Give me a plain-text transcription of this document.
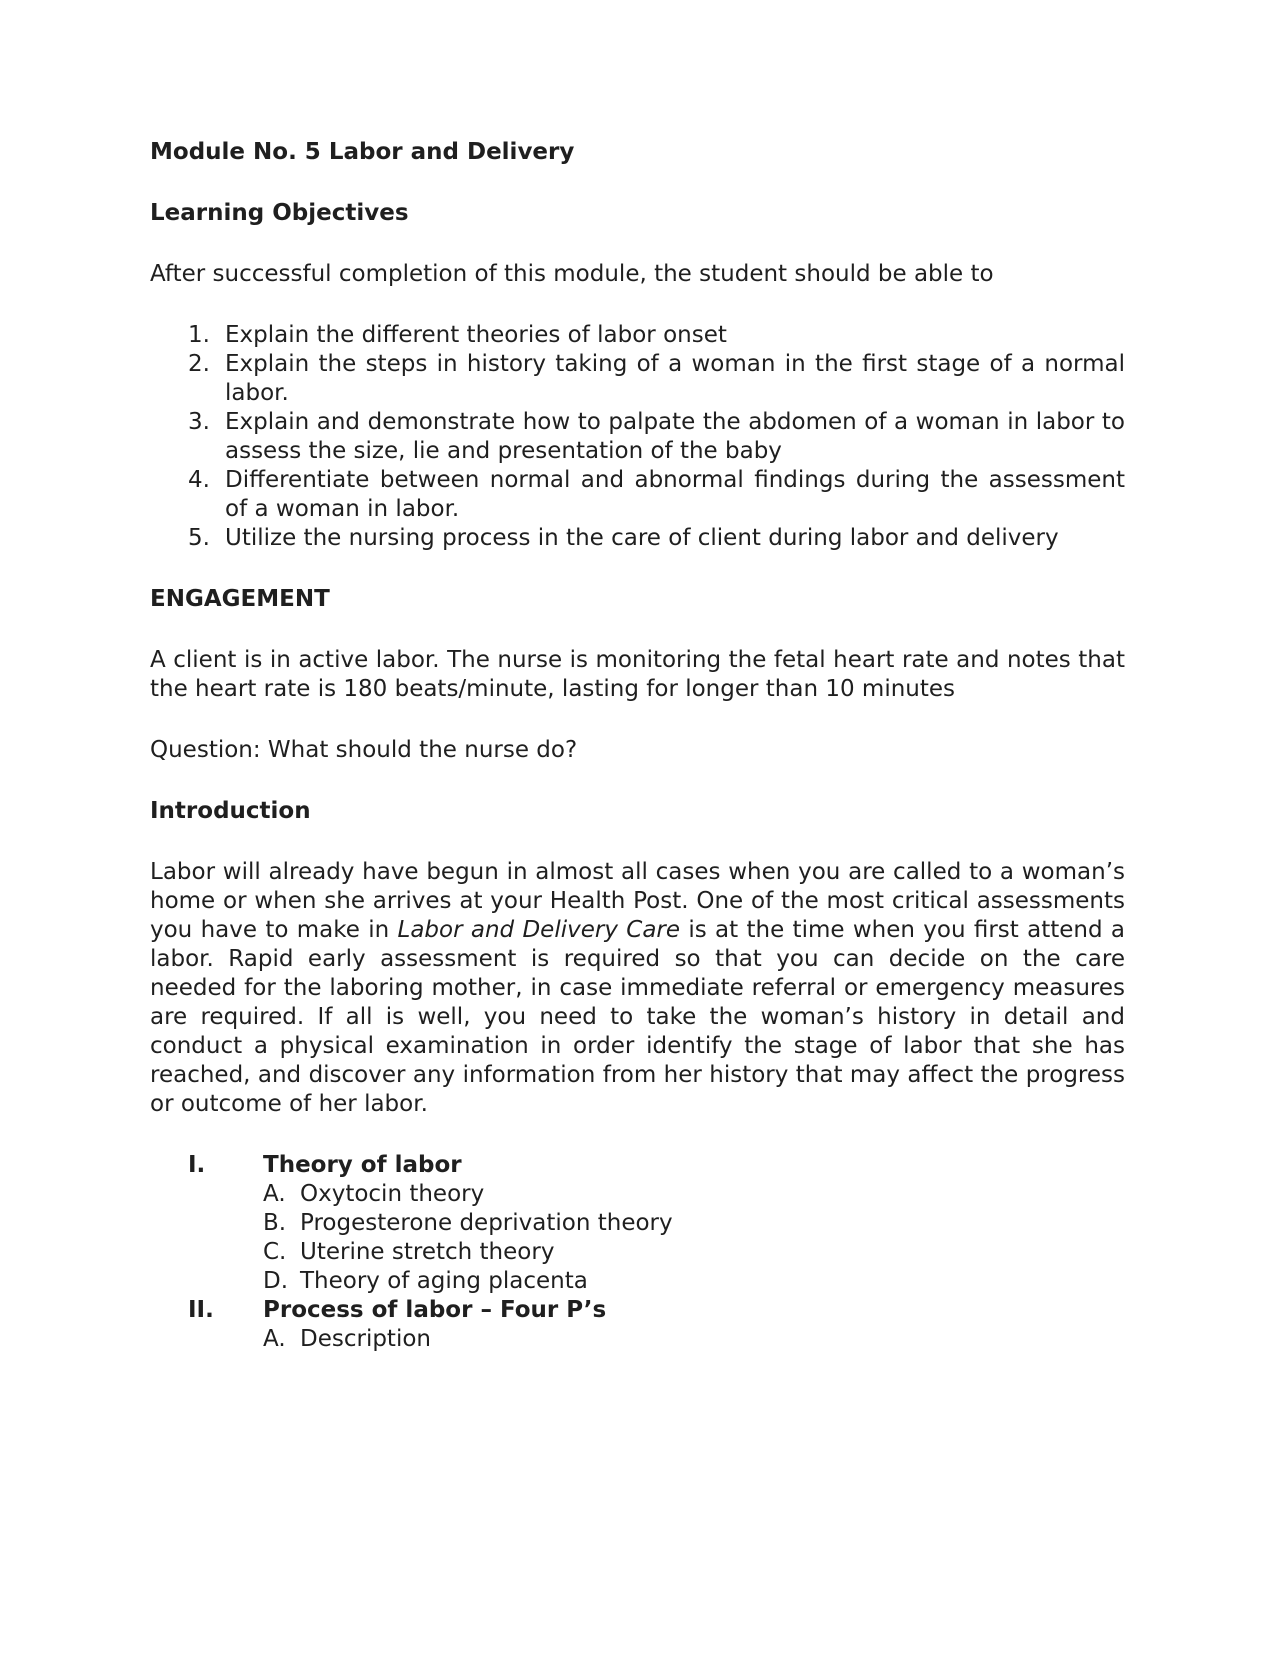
Module No. 5 Labor and Delivery

Learning Objectives

After successful completion of this module, the student should be able to

1. Explain the different theories of labor onset
2. Explain the steps in history taking of a woman in the first stage of a normal labor.
3. Explain and demonstrate how to palpate the abdomen of a woman in labor to assess the size, lie and presentation of the baby
4. Differentiate between normal and abnormal findings during the assessment of a woman in labor.
5. Utilize the nursing process in the care of client during labor and delivery

ENGAGEMENT

A client is in active labor. The nurse is monitoring the fetal heart rate and notes that the heart rate is 180 beats/minute, lasting for longer than 10 minutes

Question: What should the nurse do?

Introduction

Labor will already have begun in almost all cases when you are called to a woman’s home or when she arrives at your Health Post. One of the most critical assessments you have to make in Labor and Delivery Care is at the time when you first attend a labor. Rapid early assessment is required so that you can decide on the care needed for the laboring mother, in case immediate referral or emergency measures are required. If all is well, you need to take the woman’s history in detail and conduct a physical examination in order identify the stage of labor that she has reached, and discover any information from her history that may affect the progress or outcome of her labor.

I.	Theory of labor
A. Oxytocin theory
B. Progesterone deprivation theory
C. Uterine stretch theory
D. Theory of aging placenta
II. Process of labor – Four P’s
A. Description
